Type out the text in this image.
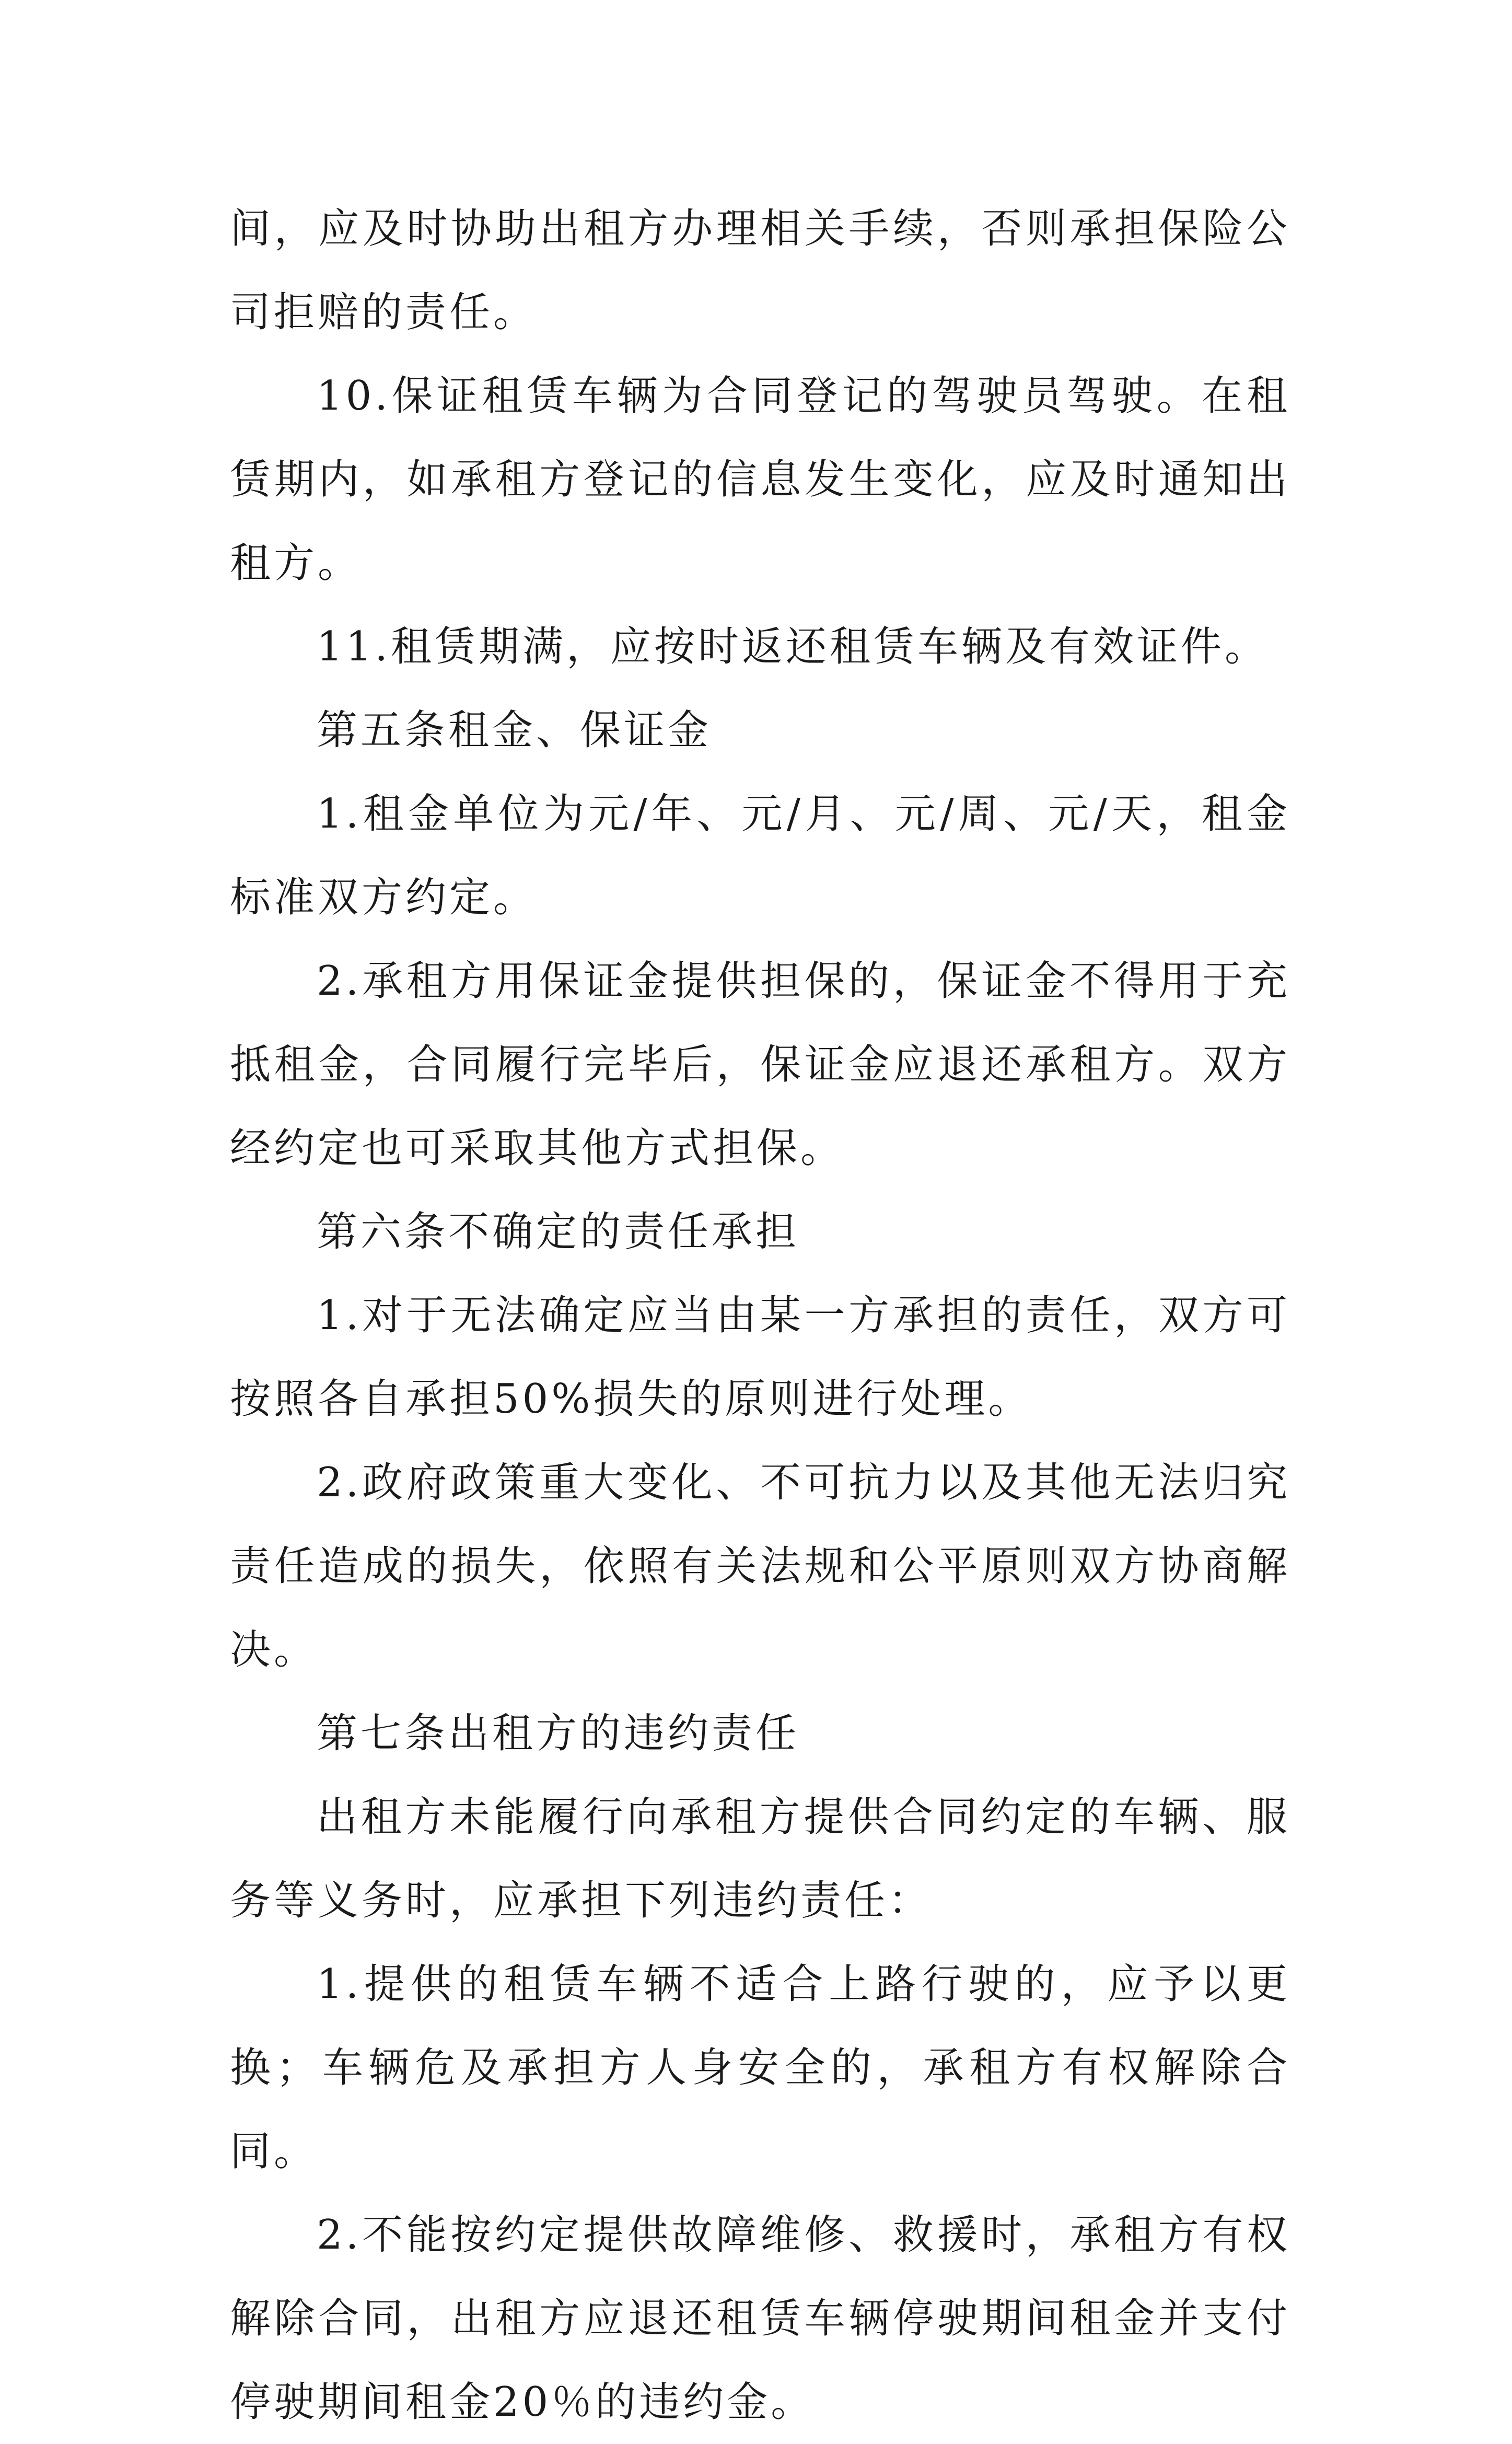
间，应及时协助出租方办理相关手续，否则承担保险公司拒赔的责任。

10.保证租赁车辆为合同登记的驾驶员驾驶。在租赁期内，如承租方登记的信息发生变化，应及时通知出租方。

11.租赁期满，应按时返还租赁车辆及有效证件。

第五条租金、保证金

1.租金单位为元/年、元/月、元/周、元/天，租金标准双方约定。

2.承租方用保证金提供担保的，保证金不得用于充抵租金，合同履行完毕后，保证金应退还承租方。双方经约定也可采取其他方式担保。

第六条不确定的责任承担

1.对于无法确定应当由某一方承担的责任，双方可按照各自承担50%损失的原则进行处理。

2.政府政策重大变化、不可抗力以及其他无法归究责任造成的损失，依照有关法规和公平原则双方协商解决。

第七条出租方的违约责任

出租方未能履行向承租方提供合同约定的车辆、服务等义务时，应承担下列违约责任：

1.提供的租赁车辆不适合上路行驶的，应予以更换；车辆危及承担方人身安全的，承租方有权解除合同。

2.不能按约定提供故障维修、救援时，承租方有权解除合同，出租方应退还租赁车辆停驶期间租金并支付停驶期间租金20％的违约金。
